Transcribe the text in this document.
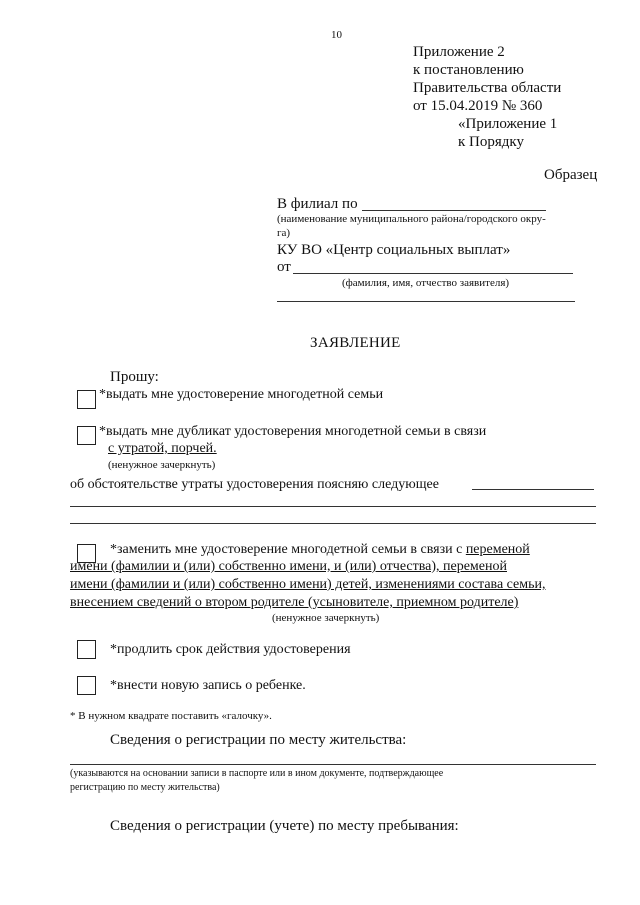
10
Приложение 2
к постановлению
Правительства области
от 15.04.2019 № 360
«Приложение 1
к Порядку
Образец
В филиал по
(наименование муниципального района/городского окру-
га)
КУ ВО «Центр социальных выплат»
от
(фамилия, имя, отчество заявителя)
ЗАЯВЛЕНИЕ
Прошу:
*выдать мне удостоверение многодетной семьи
*выдать мне дубликат удостоверения многодетной семьи в связи
с утратой, порчей.
(ненужное зачеркнуть)
об обстоятельстве утраты удостоверения поясняю следующее
*заменить мне удостоверение многодетной семьи в связи с переменой
имени (фамилии и (или) собственно имени, и (или) отчества), переменой
имени (фамилии и (или) собственно имени) детей, изменениями состава семьи,
внесением сведений о втором родителе (усыновителе, приемном родителе)
(ненужное зачеркнуть)
*продлить срок действия удостоверения
*внести новую запись о ребенке.
* В нужном квадрате поставить «галочку».
Сведения о регистрации по месту жительства:
(указываются на основании записи в паспорте или в ином документе, подтверждающее
регистрацию по месту жительства)
Сведения о регистрации (учете) по месту пребывания:
